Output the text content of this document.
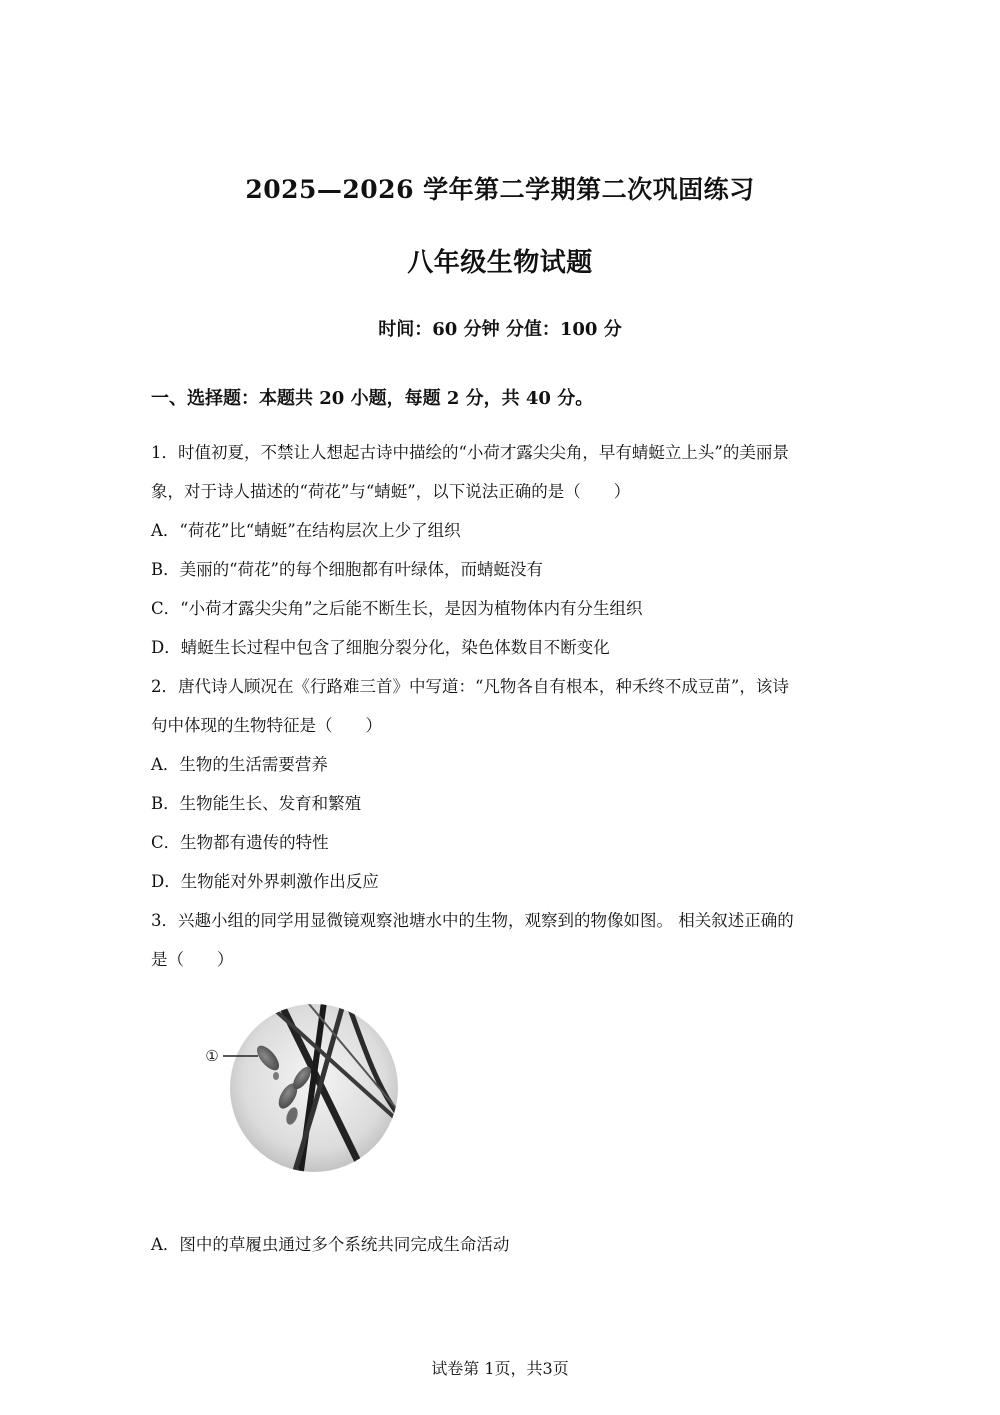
2025—2026 学年第二学期第二次巩固练习
八年级生物试题
时间：60 分钟 分值：100 分
一、选择题：本题共 20 小题，每题 2 分，共 40 分。
1．时值初夏，不禁让人想起古诗中描绘的“小荷才露尖尖角，早有蜻蜓立上头”的美丽景
象，对于诗人描述的“荷花”与“蜻蜓”，以下说法正确的是（　　）
A．“荷花”比“蜻蜓”在结构层次上少了组织
B．美丽的“荷花”的每个细胞都有叶绿体，而蜻蜓没有
C．“小荷才露尖尖角”之后能不断生长，是因为植物体内有分生组织
D．蜻蜓生长过程中包含了细胞分裂分化，染色体数目不断变化
2．唐代诗人顾况在《行路难三首》中写道：“凡物各自有根本，种禾终不成豆苗”，该诗
句中体现的生物特征是（　　）
A．生物的生活需要营养
B．生物能生长、发育和繁殖
C．生物都有遗传的特性
D．生物能对外界刺激作出反应
3．兴趣小组的同学用显微镜观察池塘水中的生物，观察到的物像如图。 相关叙述正确的
是（　　）
①
A．图中的草履虫通过多个系统共同完成生命活动
试卷第 1页，共3页
